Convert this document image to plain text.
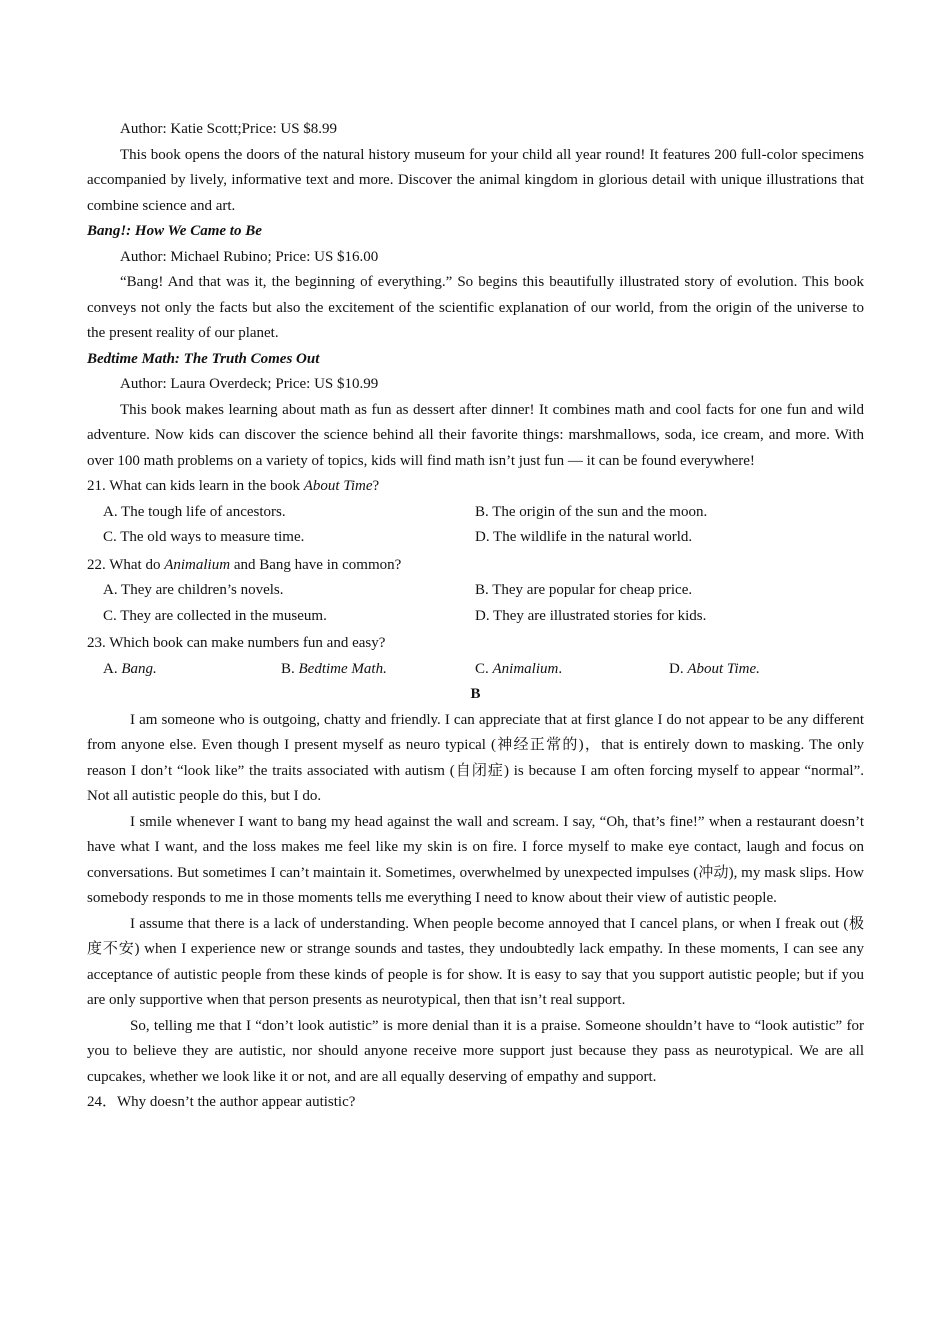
Author: Katie Scott;Price: US $8.99

This book opens the doors of the natural history museum for your child all year round! It features 200 full-color specimens accompanied by lively, informative text and more. Discover the animal kingdom in glorious detail with unique illustrations that combine science and art.

Bang!: How We Came to Be

Author: Michael Rubino; Price: US $16.00

“Bang! And that was it, the beginning of everything.” So begins this beautifully illustrated story of evolution. This book conveys not only the facts but also the excitement of the scientific explanation of our world, from the origin of the universe to the present reality of our planet.

Bedtime Math: The Truth Comes Out

Author: Laura Overdeck; Price: US $10.99

This book makes learning about math as fun as dessert after dinner! It combines math and cool facts for one fun and wild adventure. Now kids can discover the science behind all their favorite things: marshmallows, soda, ice cream, and more. With over 100 math problems on a variety of topics, kids will find math isn’t just fun — it can be found everywhere!

21. What can kids learn in the book About Time?

A. The tough life of ancestors.	B. The origin of the sun and the moon.
C. The old ways to measure time.	D. The wildlife in the natural world.

22. What do Animalium and Bang have in common?

A. They are children’s novels.	B. They are popular for cheap price.
C. They are collected in the museum.	D. They are illustrated stories for kids.

23. Which book can make numbers fun and easy?

A. Bang.	B. Bedtime Math.	C. Animalium.	D. About Time.

B

I am someone who is outgoing, chatty and friendly. I can appreciate that at first glance I do not appear to be any different from anyone else. Even though I present myself as neuro typical (神经正常的)，that is entirely down to masking. The only reason I don’t “look like” the traits associated with autism (自闭症) is because I am often forcing myself to appear “normal”. Not all autistic people do this, but I do.

I smile whenever I want to bang my head against the wall and scream. I say, “Oh, that’s fine!” when a restaurant doesn’t have what I want, and the loss makes me feel like my skin is on fire. I force myself to make eye contact, laugh and focus on conversations. But sometimes I can’t maintain it. Sometimes, overwhelmed by unexpected impulses (冲动), my mask slips. How somebody responds to me in those moments tells me everything I need to know about their view of autistic people.

I assume that there is a lack of understanding. When people become annoyed that I cancel plans, or when I freak out (极度不安) when I experience new or strange sounds and tastes, they undoubtedly lack empathy. In these moments, I can see any acceptance of autistic people from these kinds of people is for show. It is easy to say that you support autistic people; but if you are only supportive when that person presents as neurotypical, then that isn’t real support.

So, telling me that I “don’t look autistic” is more denial than it is a praise. Someone shouldn’t have to “look autistic” for you to believe they are autistic, nor should anyone receive more support just because they pass as neurotypical. We are all cupcakes, whether we look like it or not, and are all equally deserving of empathy and support.

24．Why doesn’t the author appear autistic?
